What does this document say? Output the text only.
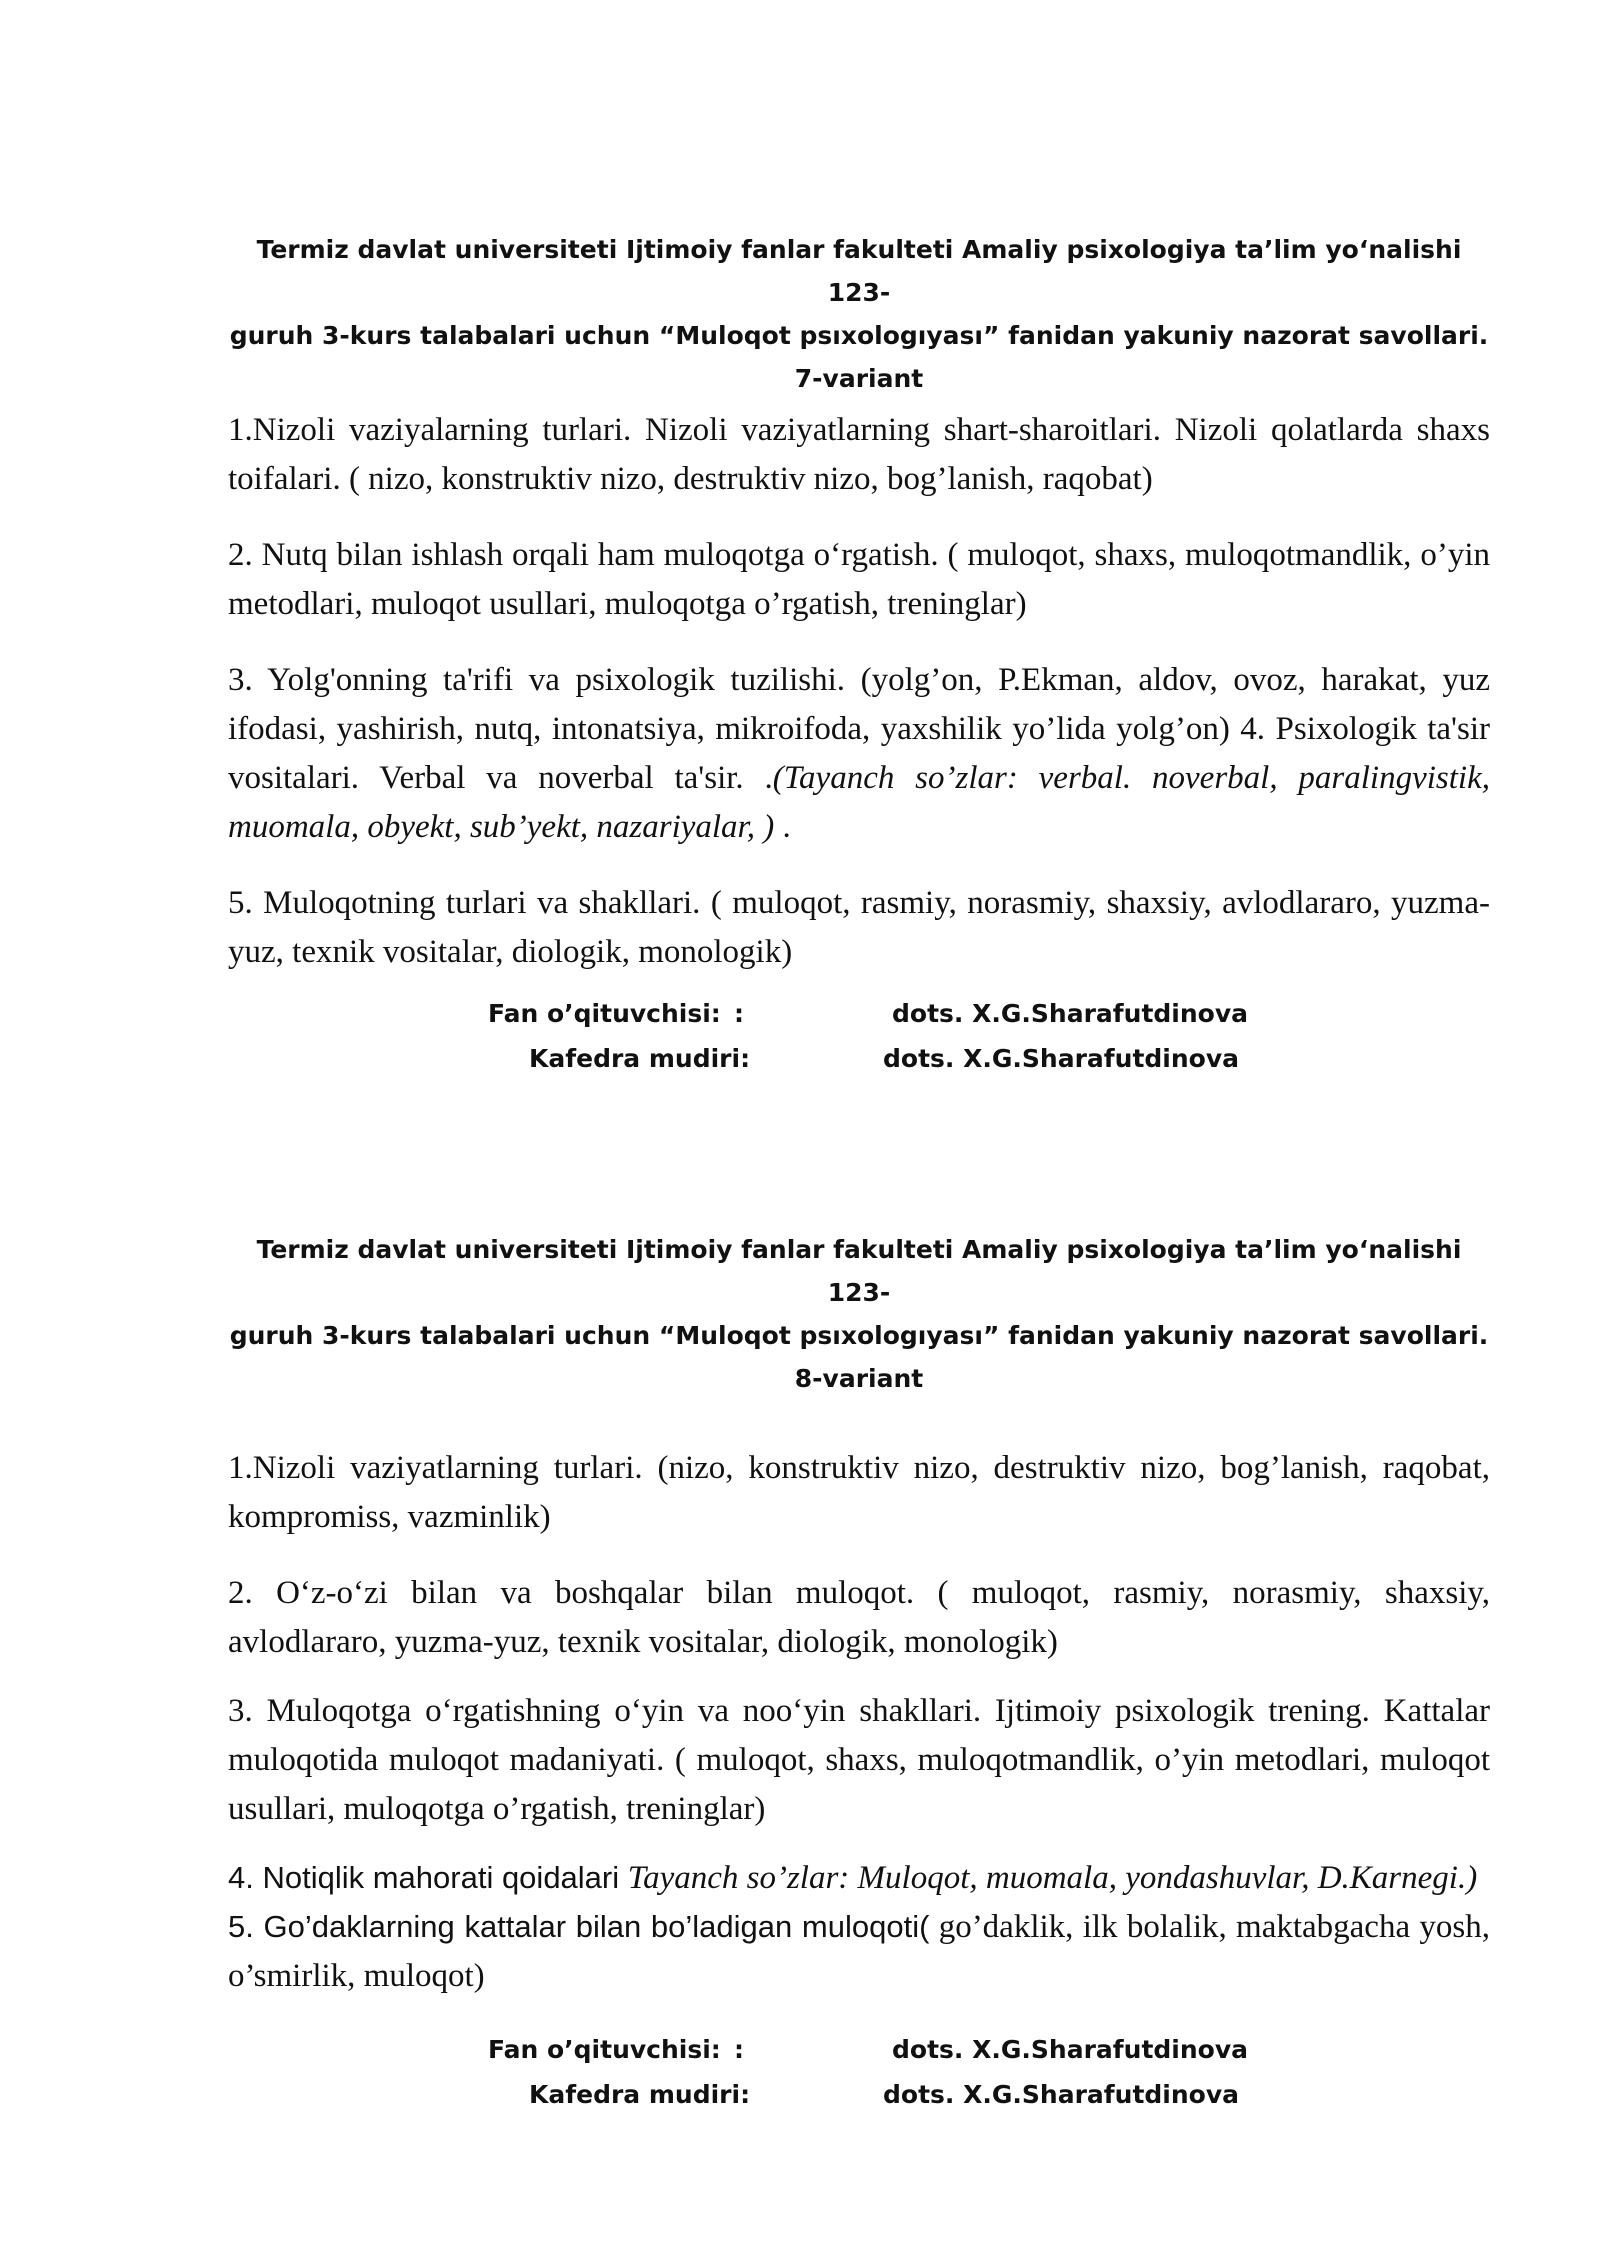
Termiz davlat universiteti Ijtimoiy fanlar fakulteti Amaliy psixologiya ta’lim yo‘nalishi 123-
guruh 3-kurs talabalari uchun “Muloqot psıxologıyası” fanidan yakuniy nazorat savollari.
7-variant

1.Nizoli vaziyalarning turlari. Nizoli vaziyatlarning shart-sharoitlari. Nizoli qolatlarda shaxs toifalari. ( nizo, konstruktiv nizo, destruktiv nizo, bog’lanish, raqobat)

2. Nutq bilan ishlash orqali ham muloqotga o‘rgatish. ( muloqot, shaxs, muloqotmandlik, o’yin metodlari, muloqot usullari, muloqotga o’rgatish, treninglar)

3. Yolg'onning ta'rifi va psixologik tuzilishi. (yolg’on, P.Ekman, aldov, ovoz, harakat, yuz ifodasi, yashirish, nutq, intonatsiya, mikroifoda, yaxshilik yo’lida yolg’on) 4. Psixologik ta'sir vositalari. Verbal va noverbal ta'sir. .(Tayanch so’zlar: verbal. noverbal, paralingvistik, muomala, obyekt, sub’yekt, nazariyalar, ) .

5. Muloqotning turlari va shakllari. ( muloqot, rasmiy, norasmiy, shaxsiy, avlodlararo, yuzma-yuz, texnik vositalar, diologik, monologik)

Fan o’qituvchisi: :	dots. X.G.Sharafutdinova
Kafedra mudiri:	dots. X.G.Sharafutdinova
Termiz davlat universiteti Ijtimoiy fanlar fakulteti Amaliy psixologiya ta’lim yo‘nalishi 123-
guruh 3-kurs talabalari uchun “Muloqot psıxologıyası” fanidan yakuniy nazorat savollari.
8-variant

1.Nizoli vaziyatlarning turlari. (nizo, konstruktiv nizo, destruktiv nizo, bog’lanish, raqobat, kompromiss, vazminlik)

2. O‘z-o‘zi bilan va boshqalar bilan muloqot. ( muloqot, rasmiy, norasmiy, shaxsiy, avlodlararo, yuzma-yuz, texnik vositalar, diologik, monologik)

3. Muloqotga o‘rgatishning o‘yin va noo‘yin shakllari. Ijtimoiy psixologik trening. Kattalar muloqotida muloqot madaniyati. ( muloqot, shaxs, muloqotmandlik, o’yin metodlari, muloqot usullari, muloqotga o’rgatish, treninglar)

4. Notiqlik mahorati qoidalari Tayanch so’zlar: Muloqot, muomala, yondashuvlar, D.Karnegi.)

5. Go’daklarning kattalar bilan bo’ladigan muloqoti( go’daklik, ilk bolalik, maktabgacha yosh, o’smirlik, muloqot)

Fan o’qituvchisi: :	dots. X.G.Sharafutdinova
Kafedra mudiri:	dots. X.G.Sharafutdinova
